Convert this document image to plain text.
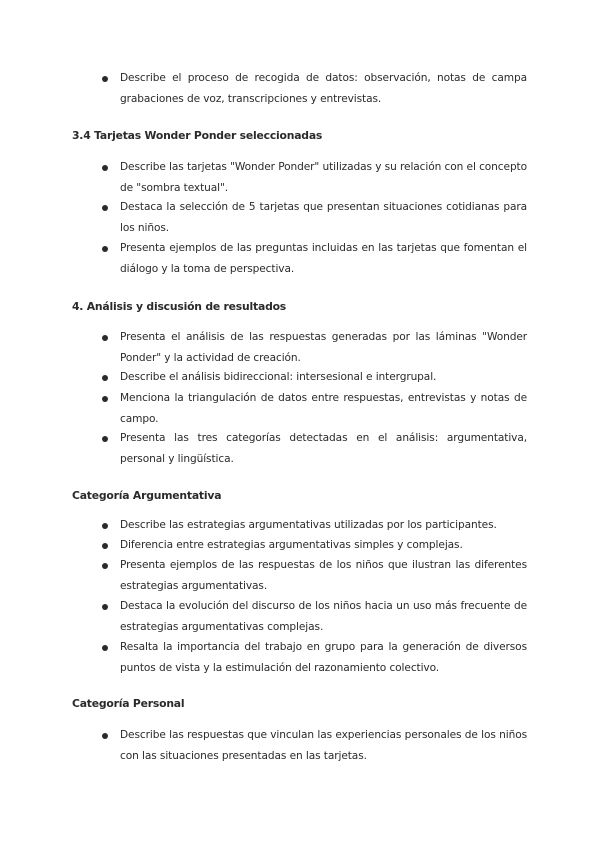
Describe el proceso de recogida de datos: observación, notas de campa grabaciones de voz, transcripciones y entrevistas.
3.4 Tarjetas Wonder Ponder seleccionadas
Describe las tarjetas "Wonder Ponder" utilizadas y su relación con el concepto de "sombra textual".
Destaca la selección de 5 tarjetas que presentan situaciones cotidianas para los niños.
Presenta ejemplos de las preguntas incluidas en las tarjetas que fomentan el diálogo y la toma de perspectiva.
4. Análisis y discusión de resultados
Presenta el análisis de las respuestas generadas por las láminas "Wonder Ponder" y la actividad de creación.
Describe el análisis bidireccional: intersesional e intergrupal.
Menciona la triangulación de datos entre respuestas, entrevistas y notas de campo.
Presenta las tres categorías detectadas en el análisis: argumentativa, personal y lingüística.
Categoría Argumentativa
Describe las estrategias argumentativas utilizadas por los participantes.
Diferencia entre estrategias argumentativas simples y complejas.
Presenta ejemplos de las respuestas de los niños que ilustran las diferentes estrategias argumentativas.
Destaca la evolución del discurso de los niños hacia un uso más frecuente de estrategias argumentativas complejas.
Resalta la importancia del trabajo en grupo para la generación de diversos puntos de vista y la estimulación del razonamiento colectivo.
Categoría Personal
Describe las respuestas que vinculan las experiencias personales de los niños con las situaciones presentadas en las tarjetas.
